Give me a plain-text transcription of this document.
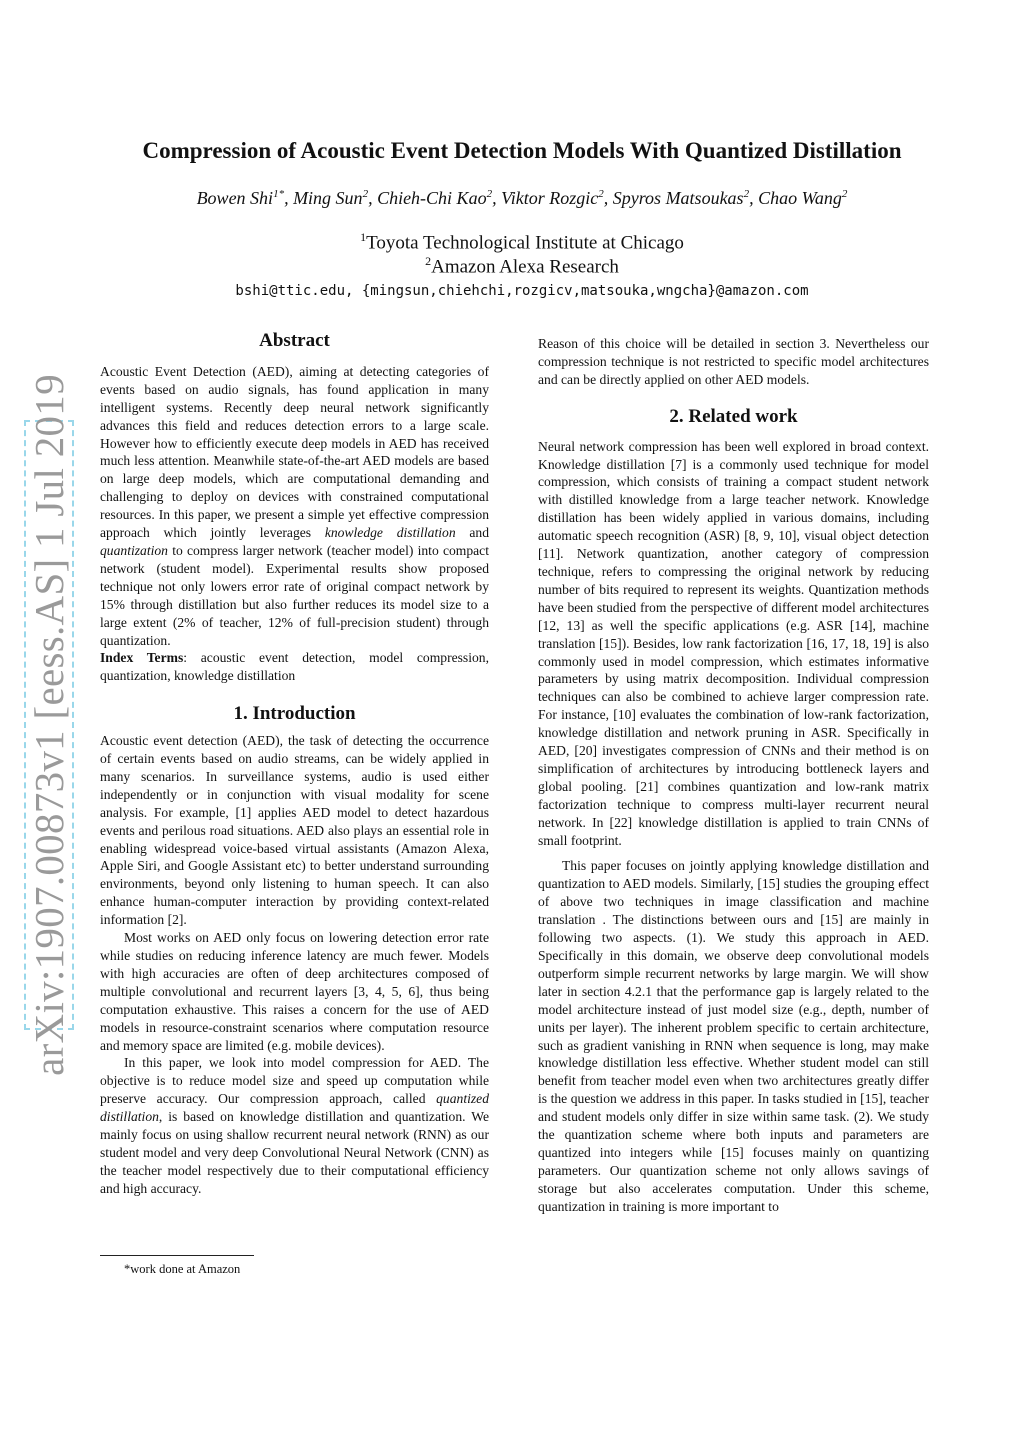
arXiv:1907.00873v1 [eess.AS] 1 Jul 2019
Compression of Acoustic Event Detection Models With Quantized Distillation
Bowen Shi$^{1*}$, Ming Sun$^2$, Chieh-Chi Kao$^2$, Viktor Rozgic$^2$, Spyros Matsoukas$^2$, Chao Wang$^2$
$^1$Toyota Technological Institute at Chicago
$^2$Amazon Alexa Research
bshi@ttic.edu, {mingsun,chiehchi,rozgicv,matsouka,wngcha}@amazon.com
Abstract

Acoustic Event Detection (AED), aiming at detecting categories of events based on audio signals, has found application in many intelligent systems. Recently deep neural network significantly advances this field and reduces detection errors to a large scale. However how to efficiently execute deep models in AED has received much less attention. Meanwhile state-of-the-art AED models are based on large deep models, which are computational demanding and challenging to deploy on devices with constrained computational resources. In this paper, we present a simple yet effective compression approach which jointly leverages knowledge distillation and quantization to compress larger network (teacher model) into compact network (student model). Experimental results show proposed technique not only lowers error rate of original compact network by 15% through distillation but also further reduces its model size to a large extent (2% of teacher, 12% of full-precision student) through quantization.

Index Terms: acoustic event detection, model compression, quantization, knowledge distillation

1. Introduction

Acoustic event detection (AED), the task of detecting the occurrence of certain events based on audio streams, can be widely applied in many scenarios. In surveillance systems, audio is used either independently or in conjunction with visual modality for scene analysis. For example, [1] applies AED model to detect hazardous events and perilous road situations. AED also plays an essential role in enabling widespread voice-based virtual assistants (Amazon Alexa, Apple Siri, and Google Assistant etc) to better understand surrounding environments, beyond only listening to human speech. It can also enhance human-computer interaction by providing context-related information [2].

Most works on AED only focus on lowering detection error rate while studies on reducing inference latency are much fewer. Models with high accuracies are often of deep architectures composed of multiple convolutional and recurrent layers [3, 4, 5, 6], thus being computation exhaustive. This raises a concern for the use of AED models in resource-constraint scenarios where computation resource and memory space are limited (e.g. mobile devices).

In this paper, we look into model compression for AED. The objective is to reduce model size and speed up computation while preserve accuracy. Our compression approach, called quantized distillation, is based on knowledge distillation and quantization. We mainly focus on using shallow recurrent neural network (RNN) as our student model and very deep Convolutional Neural Network (CNN) as the teacher model respectively due to their computational efficiency and high accuracy.

*work done at Amazon

Reason of this choice will be detailed in section 3. Nevertheless our compression technique is not restricted to specific model architectures and can be directly applied on other AED models.

2. Related work

Neural network compression has been well explored in broad context. Knowledge distillation [7] is a commonly used technique for model compression, which consists of training a compact student network with distilled knowledge from a large teacher network. Knowledge distillation has been widely applied in various domains, including automatic speech recognition (ASR) [8, 9, 10], visual object detection [11]. Network quantization, another category of compression technique, refers to compressing the original network by reducing number of bits required to represent its weights. Quantization methods have been studied from the perspective of different model architectures [12, 13] as well the specific applications (e.g. ASR [14], machine translation [15]). Besides, low rank factorization [16, 17, 18, 19] is also commonly used in model compression, which estimates informative parameters by using matrix decomposition. Individual compression techniques can also be combined to achieve larger compression rate. For instance, [10] evaluates the combination of low-rank factorization, knowledge distillation and network pruning in ASR. Specifically in AED, [20] investigates compression of CNNs and their method is on simplification of architectures by introducing bottleneck layers and global pooling. [21] combines quantization and low-rank matrix factorization technique to compress multi-layer recurrent neural network. In [22] knowledge distillation is applied to train CNNs of small footprint.

This paper focuses on jointly applying knowledge distillation and quantization to AED models. Similarly, [15] studies the grouping effect of above two techniques in image classification and machine translation . The distinctions between ours and [15] are mainly in following two aspects. (1). We study this approach in AED. Specifically in this domain, we observe deep convolutional models outperform simple recurrent networks by large margin. We will show later in section 4.2.1 that the performance gap is largely related to the model architecture instead of just model size (e.g., depth, number of units per layer). The inherent problem specific to certain architecture, such as gradient vanishing in RNN when sequence is long, may make knowledge distillation less effective. Whether student model can still benefit from teacher model even when two architectures greatly differ is the question we address in this paper. In tasks studied in [15], teacher and student models only differ in size within same task. (2). We study the quantization scheme where both inputs and parameters are quantized into integers while [15] focuses mainly on quantizing parameters. Our quantization scheme not only allows savings of storage but also accelerates computation. Under this scheme, quantization in training is more important to
